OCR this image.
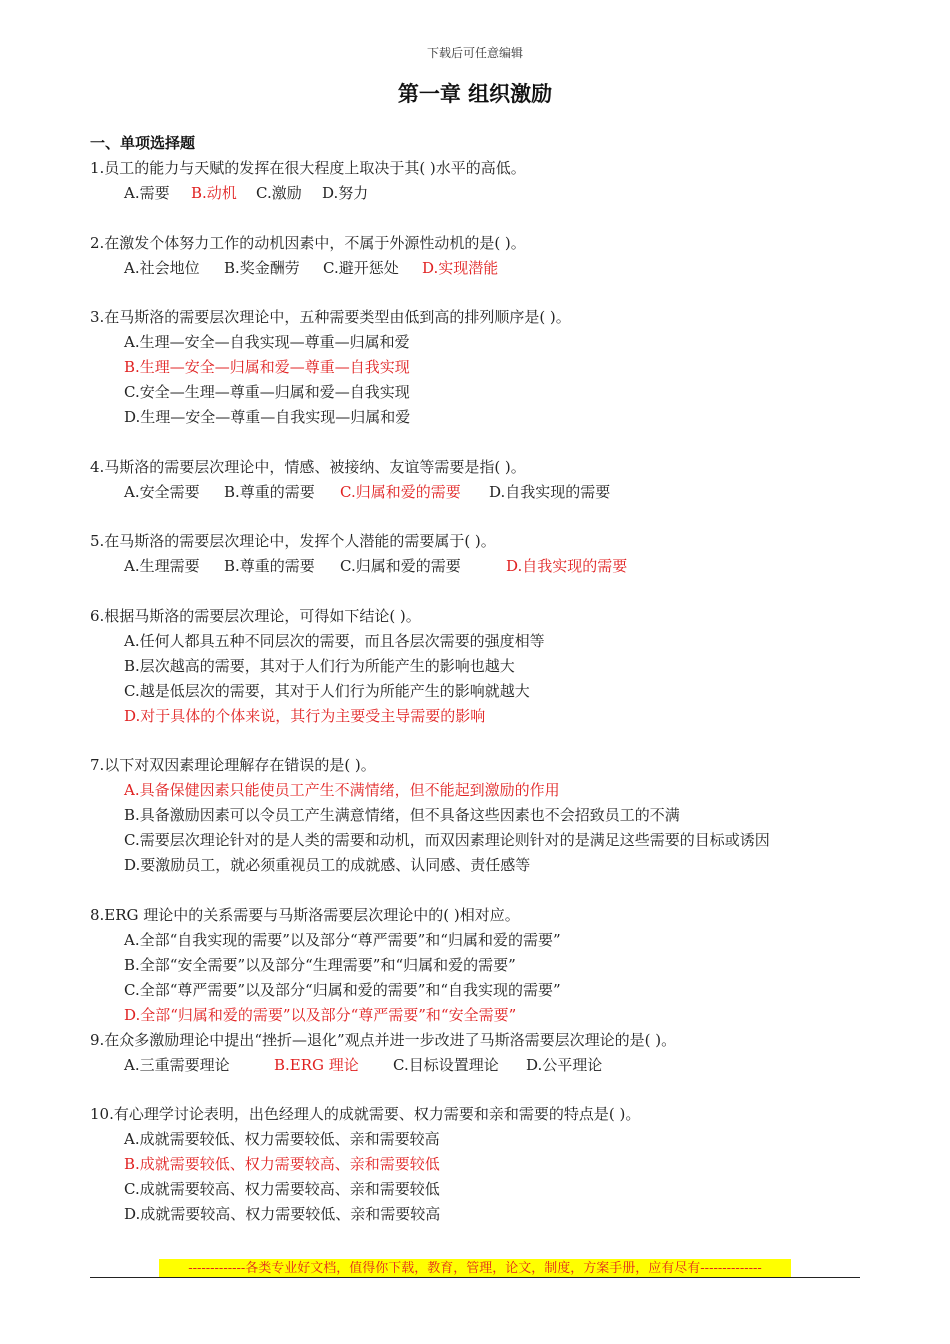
下载后可任意编辑
第一章 组织激励
一、单项选择题
1.员工的能力与天赋的发挥在很大程度上取决于其( )水平的高低。
A.需要 B.动机 C.激励 D.努力
2.在激发个体努力工作的动机因素中，不属于外源性动机的是( )。
A.社会地位 B.奖金酬劳 C.避开惩处 D.实现潜能
3.在马斯洛的需要层次理论中，五种需要类型由低到高的排列顺序是( )。
A.生理—安全—自我实现—尊重—归属和爱
B.生理—安全—归属和爱—尊重—自我实现
C.安全—生理—尊重—归属和爱—自我实现
D.生理—安全—尊重—自我实现—归属和爱
4.马斯洛的需要层次理论中，情感、被接纳、友谊等需要是指( )。
A.安全需要 B.尊重的需要 C.归属和爱的需要 D.自我实现的需要
5.在马斯洛的需要层次理论中，发挥个人潜能的需要属于( )。
A.生理需要 B.尊重的需要 C.归属和爱的需要	D.自我实现的需要
6.根据马斯洛的需要层次理论，可得如下结论( )。
A.任何人都具五种不同层次的需要，而且各层次需要的强度相等
B.层次越高的需要，其对于人们行为所能产生的影响也越大
C.越是低层次的需要，其对于人们行为所能产生的影响就越大
D.对于具体的个体来说，其行为主要受主导需要的影响
7.以下对双因素理论理解存在错误的是( )。
A.具备保健因素只能使员工产生不满情绪，但不能起到激励的作用
B.具备激励因素可以令员工产生满意情绪，但不具备这些因素也不会招致员工的不满
C.需要层次理论针对的是人类的需要和动机，而双因素理论则针对的是满足这些需要的目标或诱因
D.要激励员工，就必须重视员工的成就感、认同感、责任感等
8.ERG 理论中的关系需要与马斯洛需要层次理论中的( )相对应。
A.全部“自我实现的需要”以及部分“尊严需要”和“归属和爱的需要”
B.全部“安全需要”以及部分“生理需要”和“归属和爱的需要”
C.全部“尊严需要”以及部分“归属和爱的需要”和“自我实现的需要”
D.全部“归属和爱的需要”以及部分“尊严需要”和“安全需要”
9.在众多激励理论中提出“挫折—退化”观点并进一步改进了马斯洛需要层次理论的是( )。
A.三重需要理论	B.ERG 理论 C.目标设置理论 D.公平理论
10.有心理学讨论表明，出色经理人的成就需要、权力需要和亲和需要的特点是( )。
A.成就需要较低、权力需要较低、亲和需要较高
B.成就需要较低、权力需要较高、亲和需要较低
C.成就需要较高、权力需要较高、亲和需要较低
D.成就需要较高、权力需要较低、亲和需要较高
-------------各类专业好文档，值得你下载，教育，管理，论文，制度，方案手册，应有尽有--------------
